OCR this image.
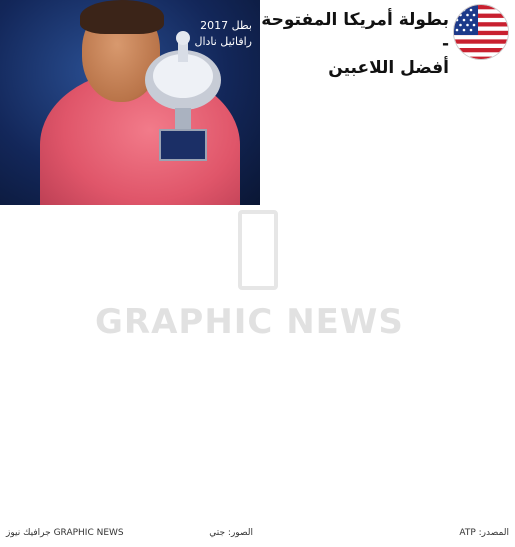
بطل 2017
رافائيل نادال
بطولة أمريكا المفتوحة -
أفضل اللاعبين
GRAPHIC NEWS
المصدر: ATP
الصور: جتي
GRAPHIC NEWS جرافيك نيوز
